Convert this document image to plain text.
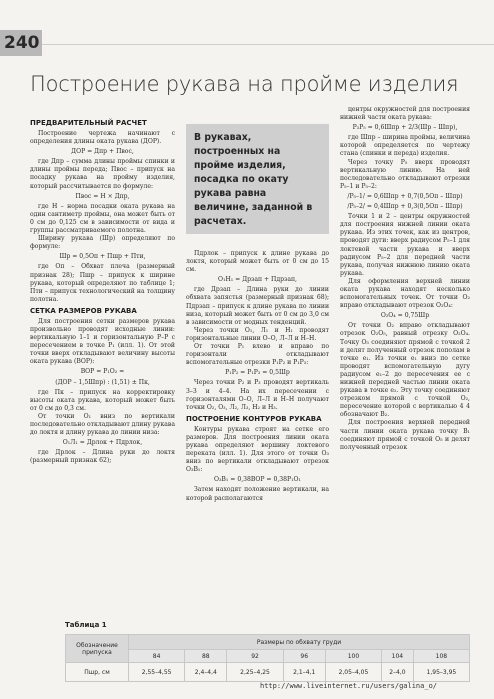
240
Построение рукава на пройме изделия
ПРЕДВАРИТЕЛЬНЫЙ РАСЧЕТ

Построение чертежа начинают с определения длины оката рукава (ДОР).

ДОР = Дпр + Пвос,

где Дпр – сумма длины проймы спинки и длины проймы переда; Пвос – припуск на посадку рукава на пройму изделия, который рассчитывается по формуле:

Пвос = Н × Дпр,

где Н – норма посадки оката рукава на один сантиметр проймы, она может быть от 0 см до 0,125 см в зависимости от вида и группы рассматриваемого полотна.

Ширину рукава (Шр) определяют по формуле:

Шр = 0,5Оп + Пшр + Пти,

где Оп – Обхват плеча (размерный признак 28); Пшр – припуск к ширине рукава, который определяют по таблице 1; Пти – припуск технологический на толщину полотна.

СЕТКА РАЗМЕРОВ РУКАВА

Для построения сетки размеров рукава произвольно проводят исходные линии: вертикальную 1–1 и горизонтальную Р–Р с пересечением в точке Р₁ (илл. 1). От этой точки вверх откладывают величину высоты оката рукава (ВОР):

ВОР = Р₁О₂ =

(ДОР – 1,5Шпр) : (1,51) ± Пк,

где Пк – припуск на корректировку высоты оката рукава, который может быть от 0 см до 0,3 см.

От точки О₁ вниз по вертикали последовательно откладывают длину рукава до локтя и длину рукава до линии низа:

О₁Л₁ = Дрлок + Пдрлок,

где Дрлок – Длина руки до локтя (размерный признак 62);

В рукавах, построенных на пройме изделия, посадка по окату рукава равна величине, заданной в расчетах.

Пдрлок – припуск к длине рукава до локтя, который может быть от 0 см до 15 см.

О₁Н₁ = Дрзап + Пдрзап,

где Дрзап – Длина руки до линии обхвата запястья (размерный признак 68); Пдрзап – припуск к длине рукава по линии низа, который может быть от 0 см до 3,0 см в зависимости от модных тенденций.

Через точки О₁, Л₁ и Н₁ проводят горизонтальные линии О–О, Л–Л и Н–Н.

От точки Р₁ влево и вправо по горизонтали откладывают вспомогательные отрезки Р₁Р₂ и Р₁Р₃:

Р₁Р₂ = Р₁Р₃ = 0,5Шр

Через точки Р₂ и Р₃ проводят вертикаль 3–3 и 4–4. На их пересечении с горизонталями О–О, Л–Л и Н–Н получают точки О₂, О₃, Л₂, Л₃, Н₂ и Н₃.

ПОСТРОЕНИЕ КОНТУРОВ РУКАВА

Контуры рукава строят на сетке его размеров. Для построения линии оката рукава определяют вершину локтевого переката (илл. 1). Для этого от точки О₃ вниз по вертикали откладывают отрезок О₃В₁:

О₃В₁ = 0,38ВОР = 0,38Р₁О₁

Затем находят положение вертикали, на которой располагаются

центры окружностей для построения нижней части оката рукава:

Р₃Р₅ = 0,6Шпр + 2/3(Шр – Шпр),

где Шпр – ширина проймы, величина которой определяется по чертежу стана (спинки и переда) изделия.

Через точку Р₅ вверх проводят вертикальную линию. На ней последовательно откладывают отрезки Р₅–1 и Р₅–2:

/Р₅–1/ = 0,6Шпр + 0,7(0,5Оп – Шпр)

/Р₅–2/ = 0,4Шпр + 0,3(0,5Оп – Шпр)

Точки 1 и 2 – центры окружностей для построения нижней линии оката рукава. Из этих точек, как из центров, проводят дуги: вверх радиусом Р₅–1 для локтевой части рукава и вверх радиусом Р₅–2 для передней части рукава, получая нижнюю линию оката рукава.

Для оформления верхней линии оката рукава находят несколько вспомогательных точек. От точки О₂ вправо откладывают отрезок О₂О₄:

О₂О₄ = 0,75Шр

От точки О₂ вправо откладывают отрезок О₂О₅, равный отрезку О₂О₄. Точку О₅ соединяют прямой с точкой 2 и делят полученный отрезок пополам в точке е₁. Из точки е₁ вниз по сетке проводят вспомогательную дугу радиусом е₁–2 до пересечения ее с нижней передней частью линии оката рукава в точке е₂. Эту точку соединяют отрезком прямой с точкой О₂, пересечение которой с вертикалью 4 4 обозначают В₂.

Для построения верхней передней части линии оката рукава точку В₁ соединяют прямой с точкой О₅ и делят полученный отрезок

Таблица 1
Обозначение припуска	Размеры по обхвату груди						
	84	88	92	96	100	104	108
Пшр, см	2,55–4,55	2,4–4,4	2,25–4,25	2,1–4,1	2,05–4,05	2–4,0	1,95–3,95
http://www.liveinternet.ru/users/galina_o/
